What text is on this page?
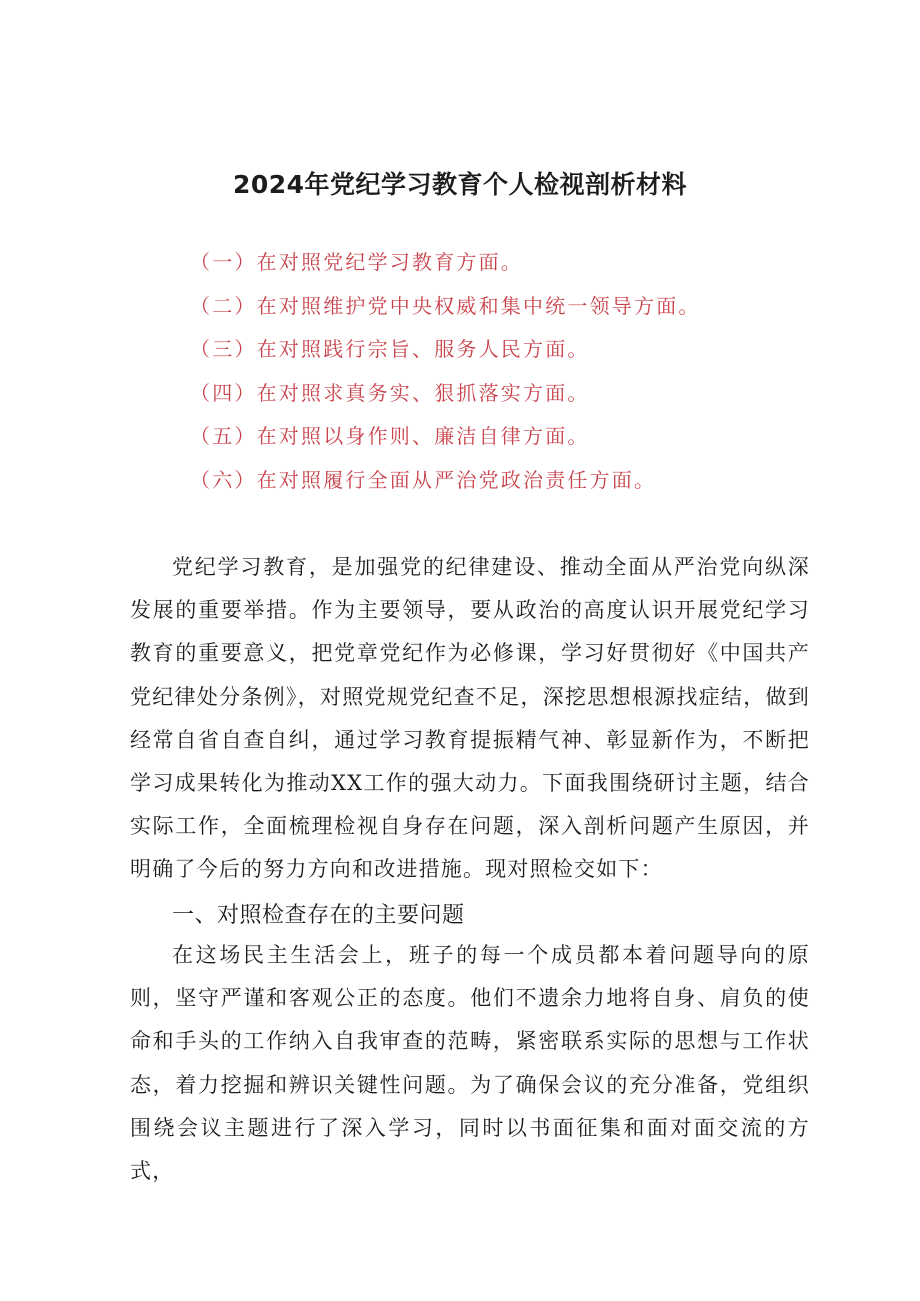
2024年党纪学习教育个人检视剖析材料
（一）在对照党纪学习教育方面。
（二）在对照维护党中央权威和集中统一领导方面。
（三）在对照践行宗旨、服务人民方面。
（四）在对照求真务实、狠抓落实方面。
（五）在对照以身作则、廉洁自律方面。
（六）在对照履行全面从严治党政治责任方面。

党纪学习教育，是加强党的纪律建设、推动全面从严治党向纵深发展的重要举措。作为主要领导，要从政治的高度认识开展党纪学习教育的重要意义，把党章党纪作为必修课，学习好贯彻好《中国共产党纪律处分条例》，对照党规党纪查不足，深挖思想根源找症结，做到经常自省自查自纠，通过学习教育提振精气神、彰显新作为，不断把学习成果转化为推动XX工作的强大动力。下面我围绕研讨主题，结合实际工作，全面梳理检视自身存在问题，深入剖析问题产生原因，并明确了今后的努力方向和改进措施。现对照检交如下：

一、对照检查存在的主要问题

在这场民主生活会上，班子的每一个成员都本着问题导向的原则，坚守严谨和客观公正的态度。他们不遗余力地将自身、肩负的使命和手头的工作纳入自我审查的范畴，紧密联系实际的思想与工作状态，着力挖掘和辨识关键性问题。为了确保会议的充分准备，党组织围绕会议主题进行了深入学习，同时以书面征集和面对面交流的方式，
